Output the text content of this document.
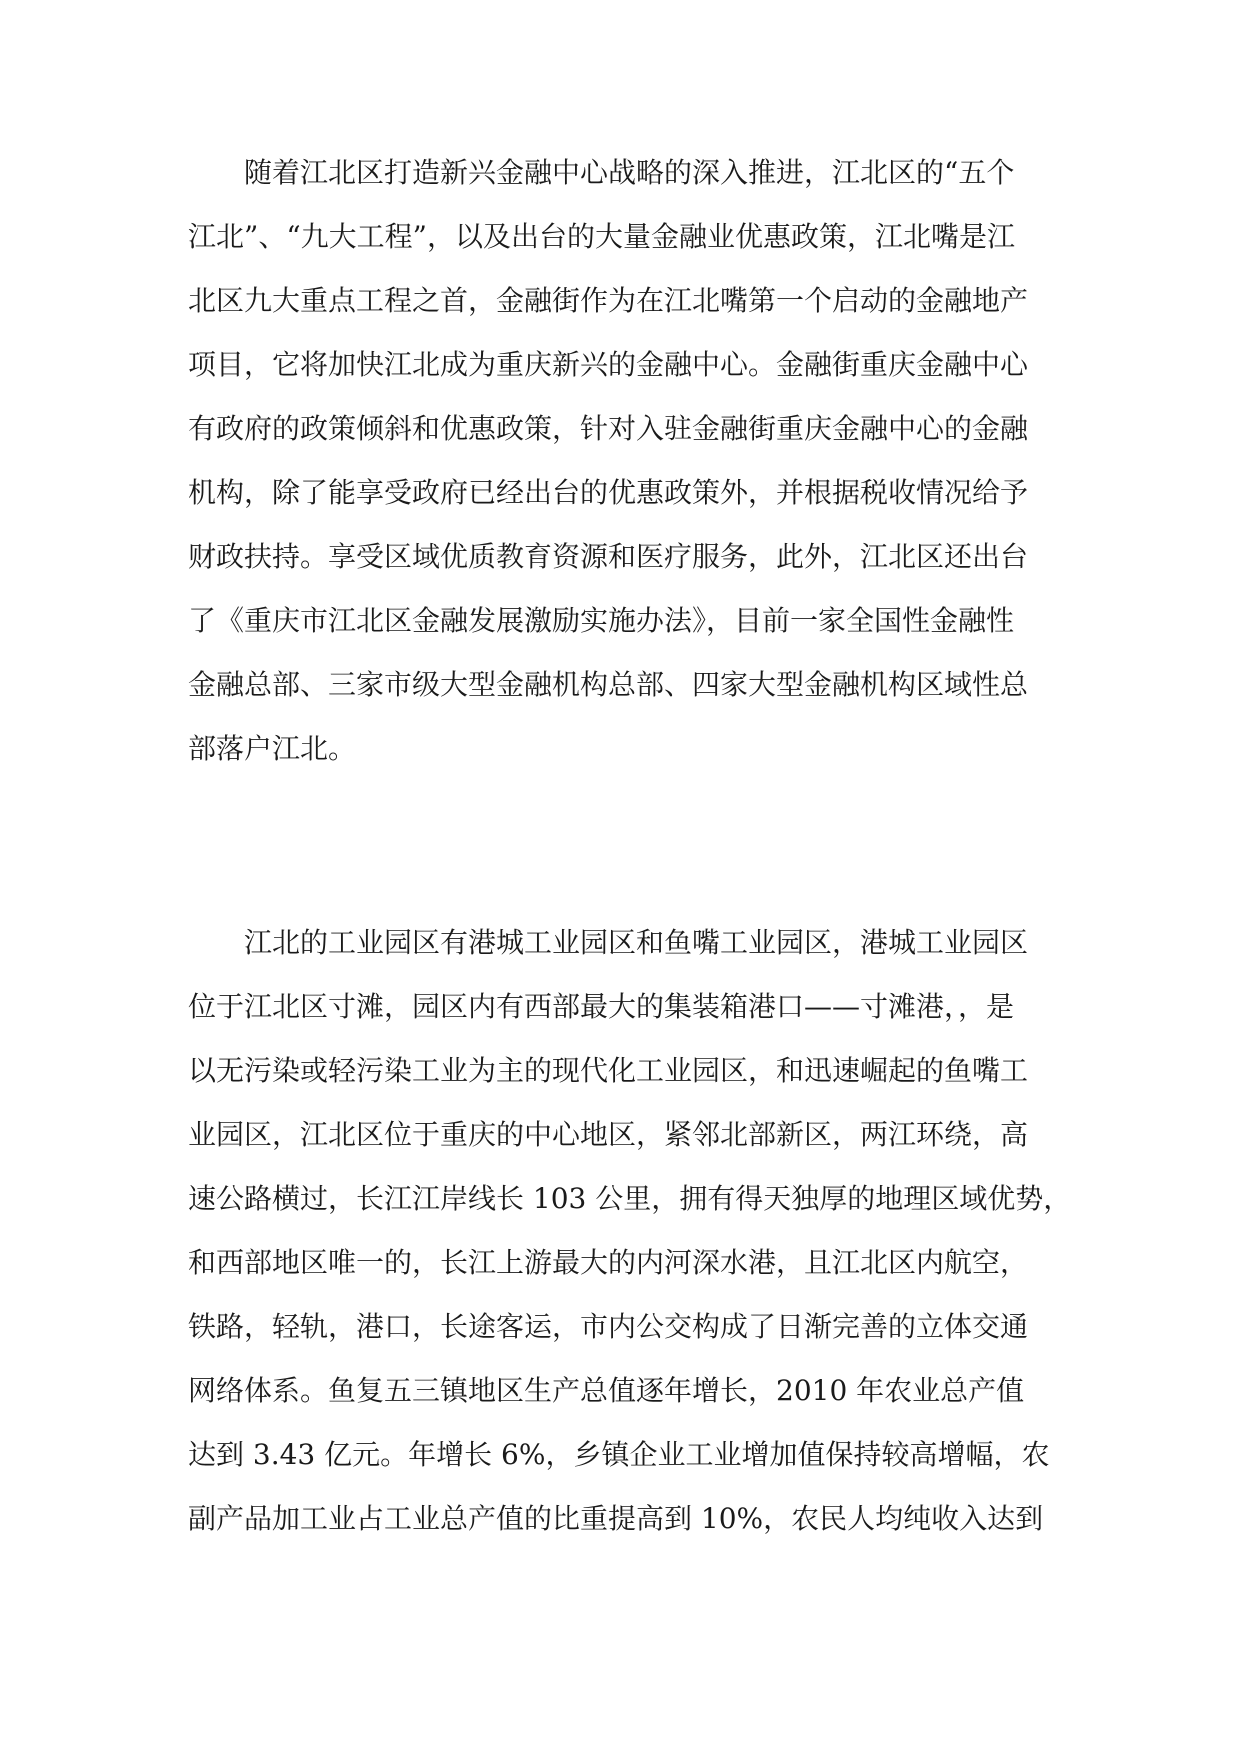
随着江北区打造新兴金融中心战略的深入推进，江北区的“五个
江北”、“九大工程”，以及出台的大量金融业优惠政策，江北嘴是江
北区九大重点工程之首，金融街作为在江北嘴第一个启动的金融地产
项目，它将加快江北成为重庆新兴的金融中心。金融街重庆金融中心
有政府的政策倾斜和优惠政策，针对入驻金融街重庆金融中心的金融
机构，除了能享受政府已经出台的优惠政策外，并根据税收情况给予
财政扶持。享受区域优质教育资源和医疗服务，此外，江北区还出台
了《重庆市江北区金融发展激励实施办法》，目前一家全国性金融性
金融总部、三家市级大型金融机构总部、四家大型金融机构区域性总
部落户江北。
江北的工业园区有港城工业园区和鱼嘴工业园区，港城工业园区
位于江北区寸滩，园区内有西部最大的集装箱港口——寸滩港，，是
以无污染或轻污染工业为主的现代化工业园区，和迅速崛起的鱼嘴工
业园区，江北区位于重庆的中心地区，紧邻北部新区，两江环绕，高
速公路横过，长江江岸线长 103 公里，拥有得天独厚的地理区域优势，
和西部地区唯一的，长江上游最大的内河深水港，且江北区内航空，
铁路，轻轨，港口，长途客运，市内公交构成了日渐完善的立体交通
网络体系。鱼复五三镇地区生产总值逐年增长，2010 年农业总产值
达到 3.43 亿元。年增长 6%，乡镇企业工业增加值保持较高增幅，农
副产品加工业占工业总产值的比重提高到 10%，农民人均纯收入达到
